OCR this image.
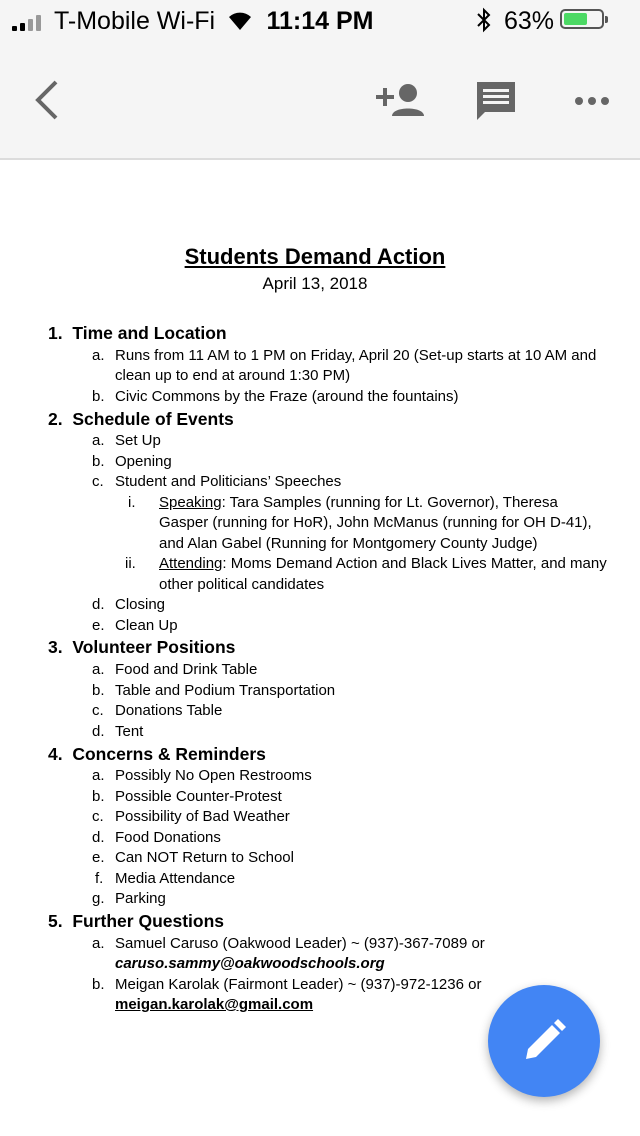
T-Mobile Wi-Fi	11:14 PM	63%
Students Demand Action

April 13, 2018

1. Time and Location

a. Runs from 11 AM to 1 PM on Friday, April 20 (Set-up starts at 10 AM and

clean up to end at around 1:30 PM)

b. Civic Commons by the Fraze (around the fountains)

2. Schedule of Events

a. Set Up

b. Opening

c. Student and Politicians’ Speeches

i. Speaking: Tara Samples (running for Lt. Governor), Theresa

Gasper (running for HoR), John McManus (running for OH D-41),

and Alan Gabel (Running for Montgomery County Judge)

ii. Attending: Moms Demand Action and Black Lives Matter, and many

other political candidates

d. Closing

e. Clean Up

3. Volunteer Positions

a. Food and Drink Table

b. Table and Podium Transportation

c. Donations Table

d. Tent

4. Concerns & Reminders

a. Possibly No Open Restrooms

b. Possible Counter-Protest

c. Possibility of Bad Weather

d. Food Donations

e. Can NOT Return to School

f. Media Attendance

g. Parking

5. Further Questions

a. Samuel Caruso (Oakwood Leader) ~ (937)-367-7089 or

caruso.sammy@oakwoodschools.org

b. Meigan Karolak (Fairmont Leader) ~ (937)-972-1236 or

meigan.karolak@gmail.com
